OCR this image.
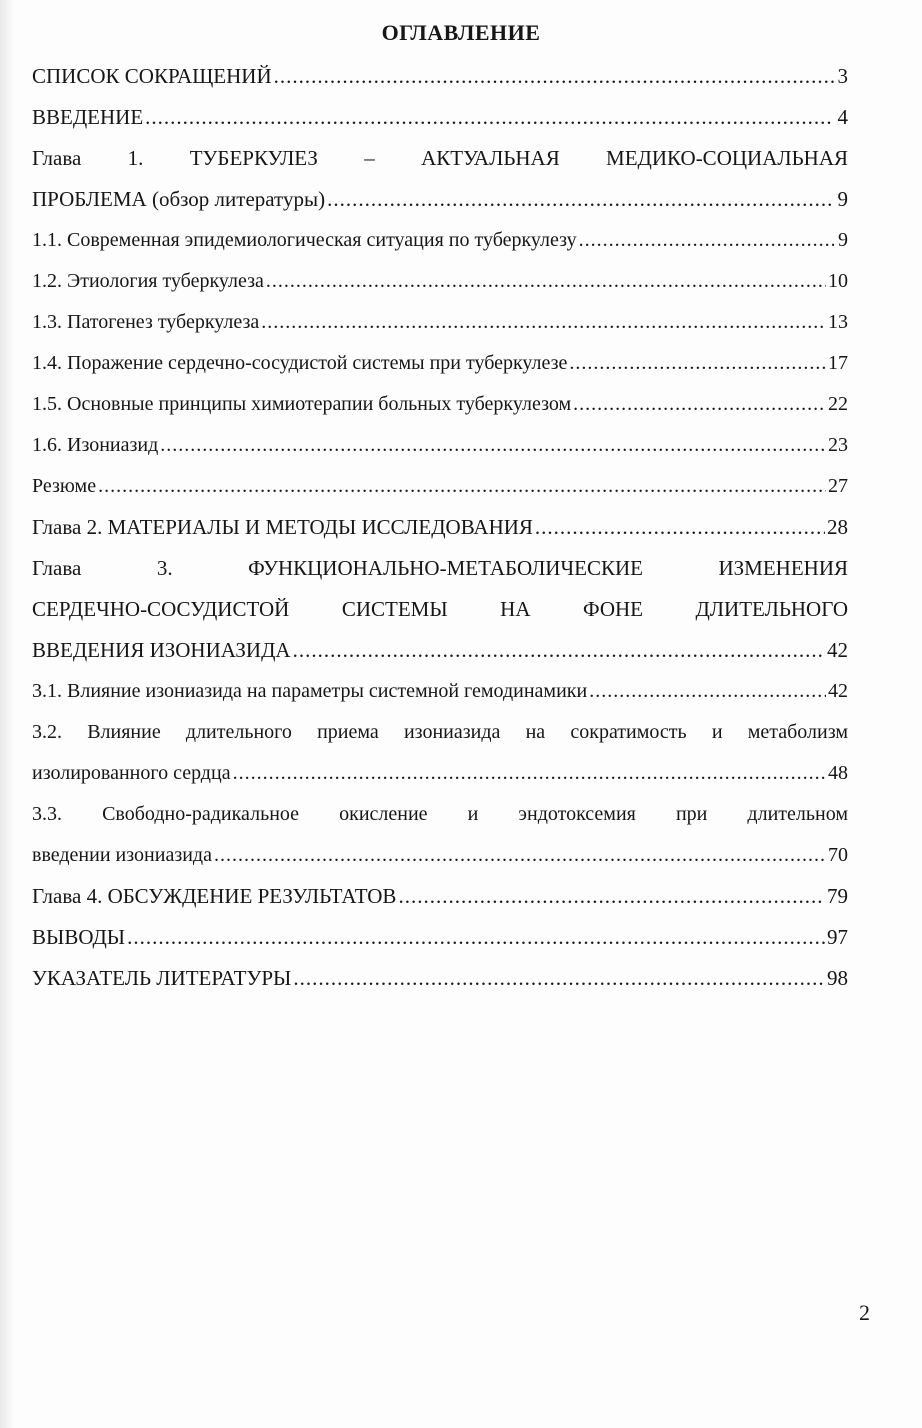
ОГЛАВЛЕНИЕ
СПИСОК СОКРАЩЕНИЙ .....	3
ВВЕДЕНИЕ .....	4
Глава 1. ТУБЕРКУЛЕЗ – АКТУАЛЬНАЯ МЕДИКО-СОЦИАЛЬНАЯ
ПРОБЛЕМА (обзор литературы) .....	9
1.1. Современная эпидемиологическая ситуация по туберкулезу .....	9
1.2. Этиология туберкулеза .....	10
1.3. Патогенез туберкулеза .....	13
1.4. Поражение сердечно-сосудистой системы при туберкулезе .....	17
1.5. Основные принципы химиотерапии больных туберкулезом .....	22
1.6. Изониазид .....	23
Резюме .....	27
Глава 2. МАТЕРИАЛЫ И МЕТОДЫ ИССЛЕДОВАНИЯ .....	28
Глава 3. ФУНКЦИОНАЛЬНО-МЕТАБОЛИЧЕСКИЕ ИЗМЕНЕНИЯ
СЕРДЕЧНО-СОСУДИСТОЙ СИСТЕМЫ НА ФОНЕ ДЛИТЕЛЬНОГО
ВВЕДЕНИЯ ИЗОНИАЗИДА .....	42
3.1. Влияние изониазида на параметры системной гемодинамики .....	42
3.2. Влияние длительного приема изониазида на сократимость и метаболизм
изолированного сердца .....	48
3.3. Свободно-радикальное окисление и эндотоксемия при длительном
введении изониазида .....	70
Глава 4. ОБСУЖДЕНИЕ РЕЗУЛЬТАТОВ .....	79
ВЫВОДЫ .....	97
УКАЗАТЕЛЬ ЛИТЕРАТУРЫ .....	98
2
